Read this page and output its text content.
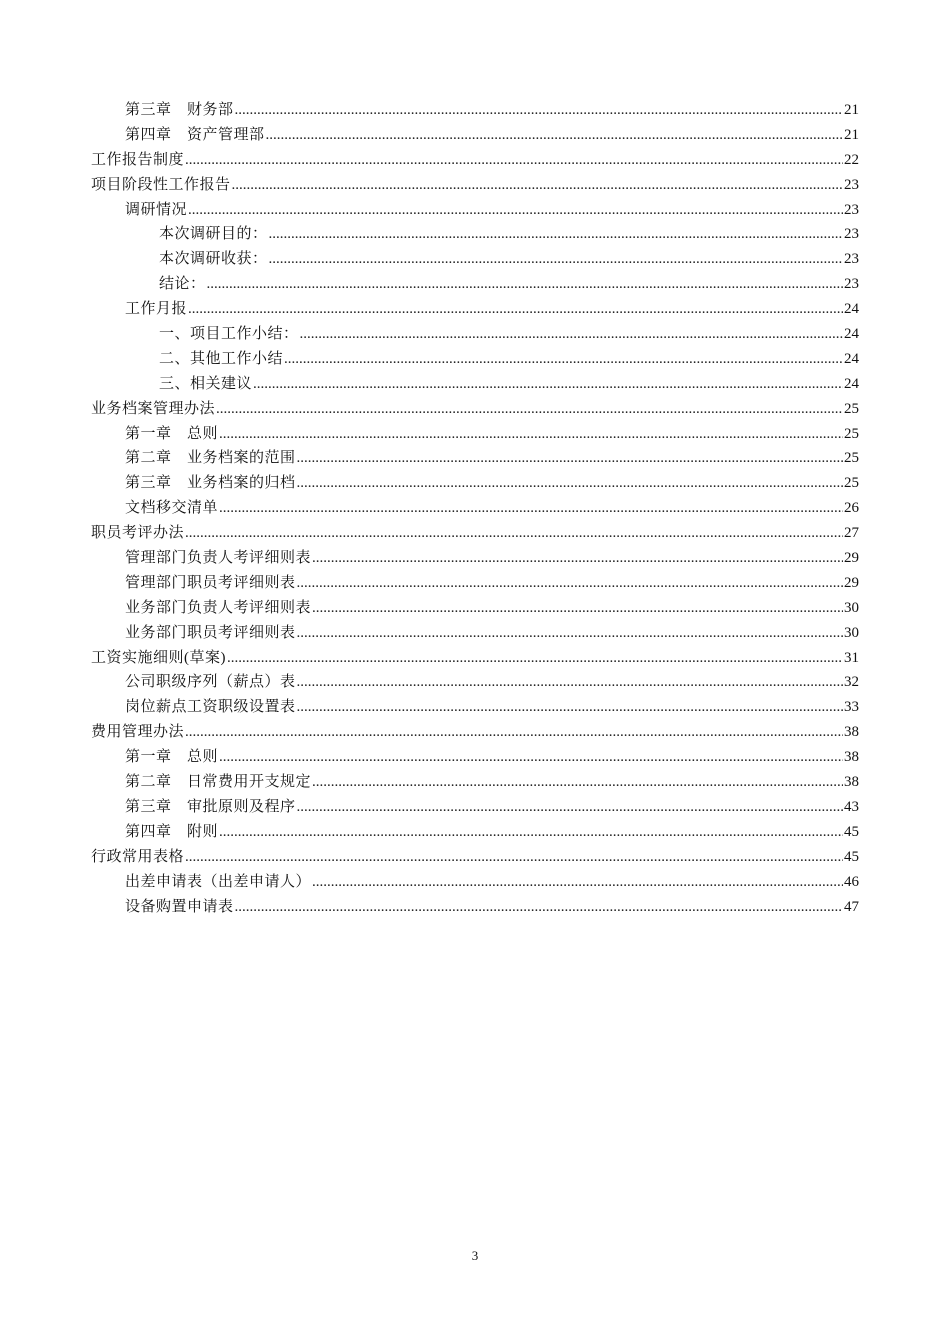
第三章　财务部 .....	21
第四章　资产管理部 .....	21
工作报告制度 .....	22
项目阶段性工作报告 .....	23
调研情况 .....	23
本次调研目的： .....	23
本次调研收获： .....	23
结论： .....	23
工作月报 .....	24
一、项目工作小结： .....	24
二、其他工作小结 .....	24
三、相关建议 .....	24
业务档案管理办法 .....	25
第一章　总则 .....	25
第二章　业务档案的范围 .....	25
第三章　业务档案的归档 .....	25
文档移交清单 .....	26
职员考评办法 .....	27
管理部门负责人考评细则表 .....	29
管理部门职员考评细则表 .....	29
业务部门负责人考评细则表 .....	30
业务部门职员考评细则表 .....	30
工资实施细则(草案) .....	31
公司职级序列（薪点）表 .....	32
岗位薪点工资职级设置表 .....	33
费用管理办法 .....	38
第一章　总则 .....	38
第二章　日常费用开支规定 .....	38
第三章　审批原则及程序 .....	43
第四章　附则 .....	45
行政常用表格 .....	45
出差申请表（出差申请人） .....	46
设备购置申请表 .....	47
3
